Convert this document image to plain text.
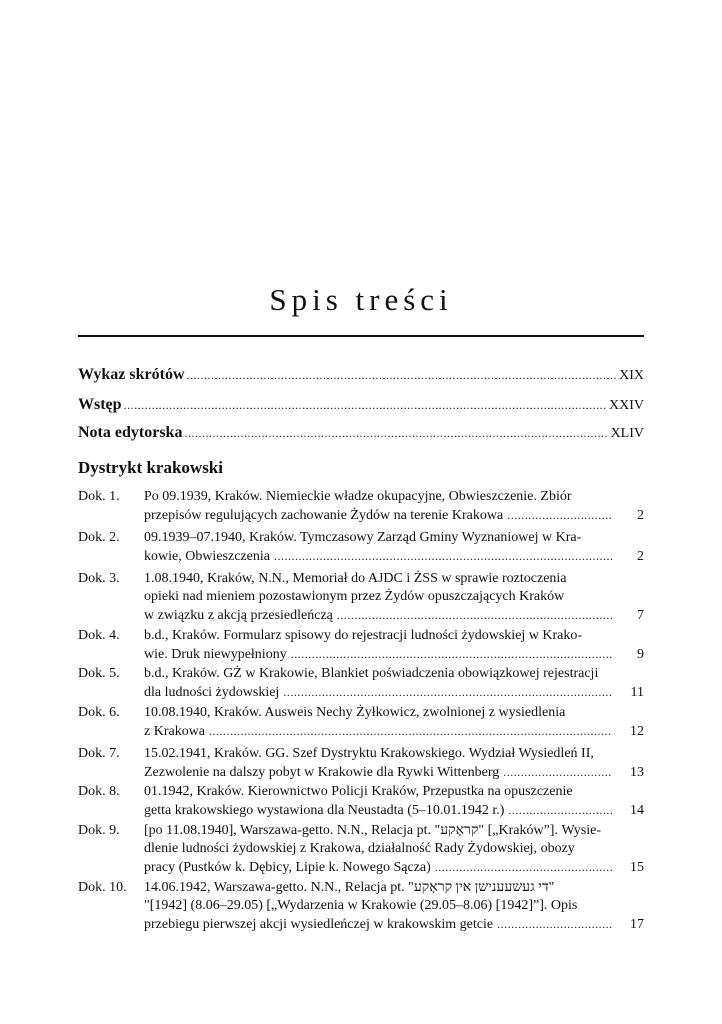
Spis treści
Wykaz skrótów .....	XIX
Wstęp .....	XXIV
Nota edytorska .....	XLIV
Dystrykt krakowski
Dok. 1. Po 09.1939, Kraków. Niemieckie władze okupacyjne, Obwieszczenie. Zbiór
przepisów regulujących zachowanie Żydów na terenie Krakowa .....	2
Dok. 2. 09.1939–07.1940, Kraków. Tymczasowy Zarząd Gminy Wyznaniowej w Kra-
kowie, Obwieszczenia .....	2
Dok. 3. 1.08.1940, Kraków, N.N., Memoriał do AJDC i ŻSS w sprawie roztoczenia
opieki nad mieniem pozostawionym przez Żydów opuszczających Kraków
w związku z akcją przesiedleńczą .....	7
Dok. 4. b.d., Kraków. Formularz spisowy do rejestracji ludności żydowskiej w Krako-
wie. Druk niewypełniony .....	9
Dok. 5. b.d., Kraków. GŻ w Krakowie, Blankiet poświadczenia obowiązkowej rejestracji
dla ludności żydowskiej .....	11
Dok. 6. 10.08.1940, Kraków. Ausweis Nechy Żyłkowicz, zwolnionej z wysiedlenia
z Krakowa .....	12
Dok. 7. 15.02.1941, Kraków. GG. Szef Dystryktu Krakowskiego. Wydział Wysiedleń II,
Zezwolenie na dalszy pobyt w Krakowie dla Rywki Wittenberg .....	13
Dok. 8. 01.1942, Kraków. Kierownictwo Policji Kraków, Przepustka na opuszczenie
getta krakowskiego wystawiona dla Neustadta (5–10.01.1942 r.) .....	14
Dok. 9. [po 11.08.1940], Warszawa-getto. N.N., Relacja pt. "קראָקע" [„Kraków”]. Wysie-
dlenie ludności żydowskiej z Krakowa, działalność Rady Żydowskiej, obozy
pracy (Pustków k. Dębicy, Lipie k. Nowego Sącza) .....	15
Dok. 10. 14.06.1942, Warszawa-getto. N.N., Relacja pt. "די געשעענישן אין קראָקע"
"[1942] (8.06–29.05) [„Wydarzenia w Krakowie (29.05–8.06) [1942]”]. Opis
przebiegu pierwszej akcji wysiedleńczej w krakowskim getcie .....	17
